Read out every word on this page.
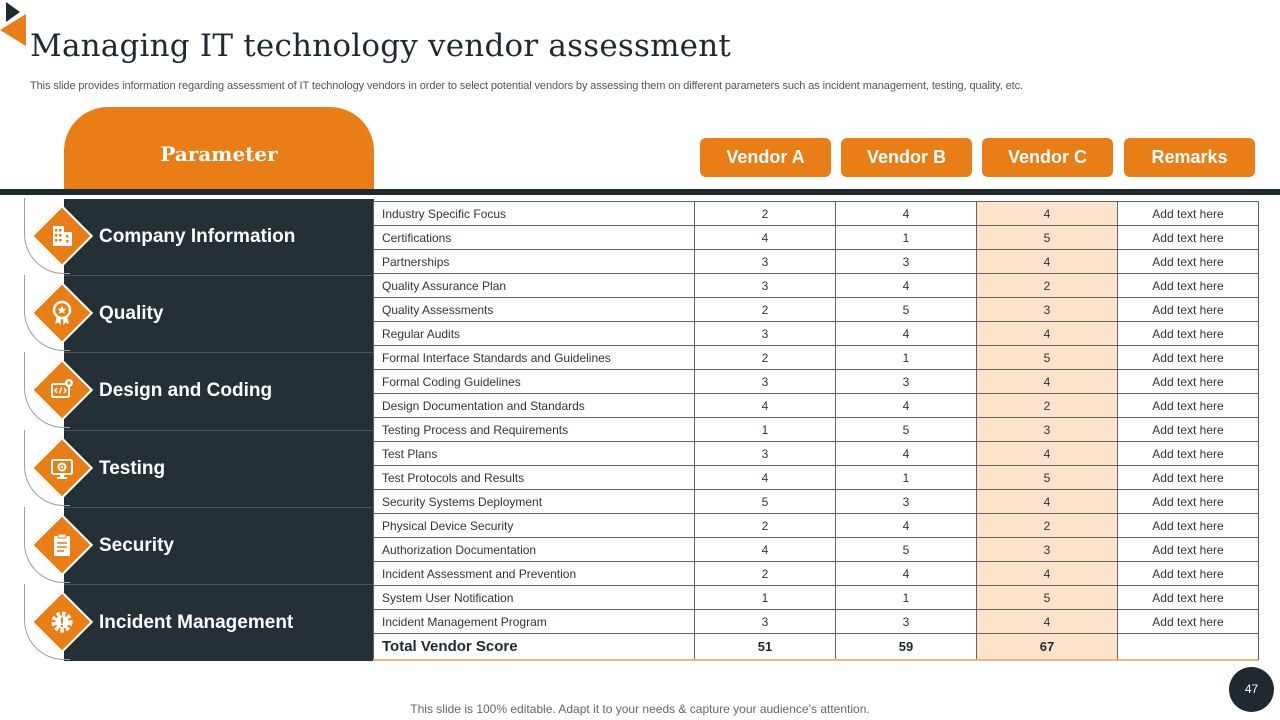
Managing IT technology vendor assessment
This slide provides information regarding assessment of IT technology vendors in order to select potential vendors by assessing them on different parameters such as incident management, testing, quality, etc.
Parameter	Vendor A	Vendor B	Vendor C	Remarks
Company Information
Quality
Design and Coding
Testing
Security
Incident Management
Industry Specific Focus	2	4	4	Add text here
Certifications	4	1	5	Add text here
Partnerships	3	3	4	Add text here
Quality Assurance Plan	3	4	2	Add text here
Quality Assessments	2	5	3	Add text here
Regular Audits	3	4	4	Add text here
Formal Interface Standards and Guidelines	2	1	5	Add text here
Formal Coding Guidelines	3	3	4	Add text here
Design Documentation and Standards	4	4	2	Add text here
Testing Process and Requirements	1	5	3	Add text here
Test Plans	3	4	4	Add text here
Test Protocols and Results	4	1	5	Add text here
Security Systems Deployment	5	3	4	Add text here
Physical Device Security	2	4	2	Add text here
Authorization Documentation	4	5	3	Add text here
Incident Assessment and Prevention	2	4	4	Add text here
System User Notification	1	1	5	Add text here
Incident Management Program	3	3	4	Add text here
Total Vendor Score	51	59	67	
This slide is 100% editable. Adapt it to your needs & capture your audience’s attention.
47
